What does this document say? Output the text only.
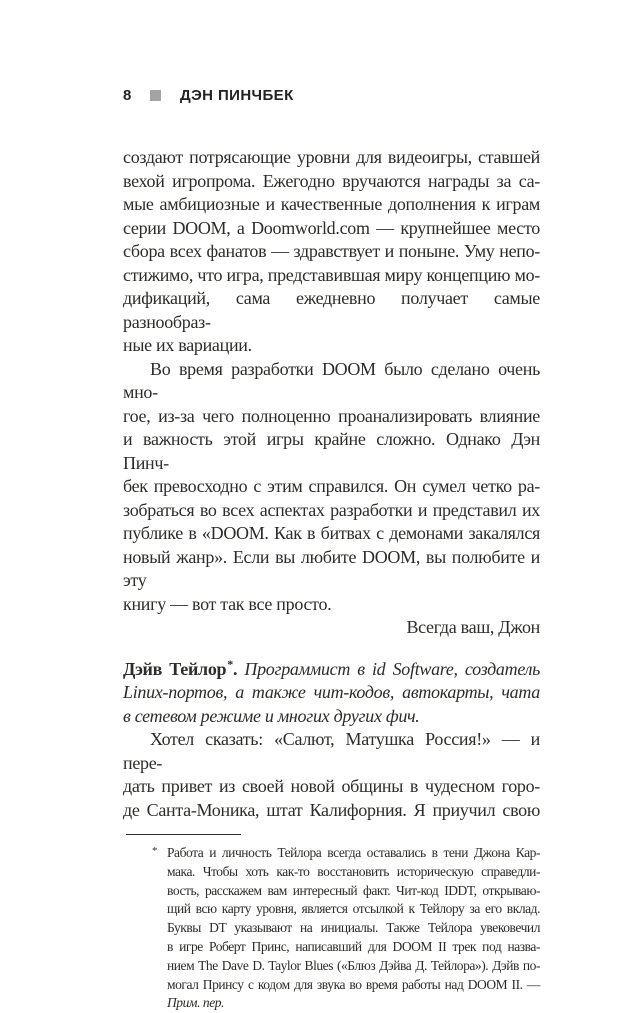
8	ДЭН ПИНЧБЕК
создают потрясающие уровни для видеоигры, ставшей
вехой игропрома. Ежегодно вручаются награды за са-
мые амбициозные и качественные дополнения к играм
серии DOOM, а Doomworld.com — крупнейшее место
сбора всех фанатов — здравствует и поныне. Уму непо-
стижимо, что игра, представившая миру концепцию мо-
дификаций, сама ежедневно получает самые разнообраз-
ные их вариации.
Во время разработки DOOM было сделано очень мно-
гое, из-за чего полноценно проанализировать влияние
и важность этой игры крайне сложно. Однако Дэн Пинч-
бек превосходно с этим справился. Он сумел четко ра-
зобраться во всех аспектах разработки и представил их
публике в «DOOM. Как в битвах с демонами закалялся
новый жанр». Если вы любите DOOM, вы полюбите и эту
книгу — вот так все просто.
Всегда ваш, Джон
Дэйв Тейлор*. Программист в id Software, создатель
Linux-портов, а также чит-кодов, автокарты, чата
в сетевом режиме и многих других фич.
Хотел сказать: «Салют, Матушка Россия!» — и пере-
дать привет из своей новой общины в чудесном горо-
де Санта-Моника, штат Калифорния. Я приучил свою
* Работа и личность Тейлора всегда оставались в тени Джона Кар-
мака. Чтобы хоть как-то восстановить историческую справедли-
вость, расскажем вам интересный факт. Чит-код IDDT, открываю-
щий всю карту уровня, является отсылкой к Тейлору за его вклад.
Буквы DT указывают на инициалы. Также Тейлора увековечил
в игре Роберт Принс, написавший для DOOM II трек под назва-
нием The Dave D. Taylor Blues («Блюз Дэйва Д. Тейлора»). Дэйв по-
могал Принсу с кодом для звука во время работы над DOOM II. —
Прим. пер.
